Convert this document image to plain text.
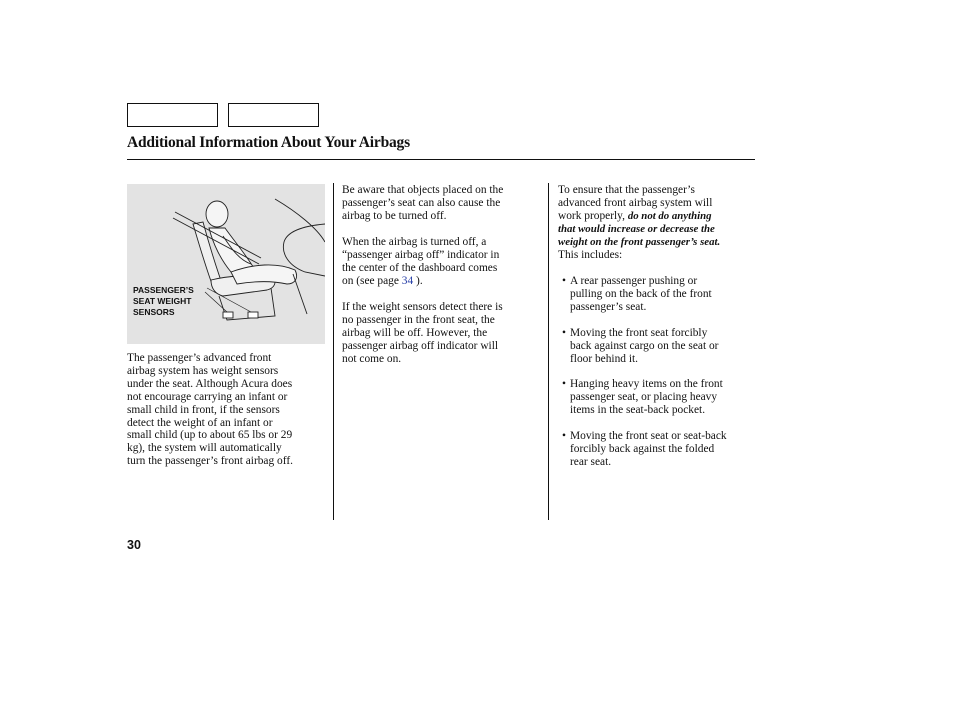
Additional Information About Your Airbags
PASSENGER’S
SEAT WEIGHT
SENSORS
The passenger’s advanced front
airbag system has weight sensors
under the seat. Although Acura does
not encourage carrying an infant or
small child in front, if the sensors
detect the weight of an infant or
small child (up to about 65 lbs or 29
kg), the system will automatically
turn the passenger’s front airbag off.
Be aware that objects placed on the
passenger’s seat can also cause the
airbag to be turned off.
When the airbag is turned off, a
“passenger airbag off” indicator in
the center of the dashboard comes
on (see page 34 ).
If the weight sensors detect there is
no passenger in the front seat, the
airbag will be off. However, the
passenger airbag off indicator will
not come on.
To ensure that the passenger’s
advanced front airbag system will
work properly, do not do anything
that would increase or decrease the
weight on the front passenger’s seat.
This includes:
• A rear passenger pushing or
pulling on the back of the front
passenger’s seat.
• Moving the front seat forcibly
back against cargo on the seat or
floor behind it.
• Hanging heavy items on the front
passenger seat, or placing heavy
items in the seat-back pocket.
• Moving the front seat or seat-back
forcibly back against the folded
rear seat.
30
